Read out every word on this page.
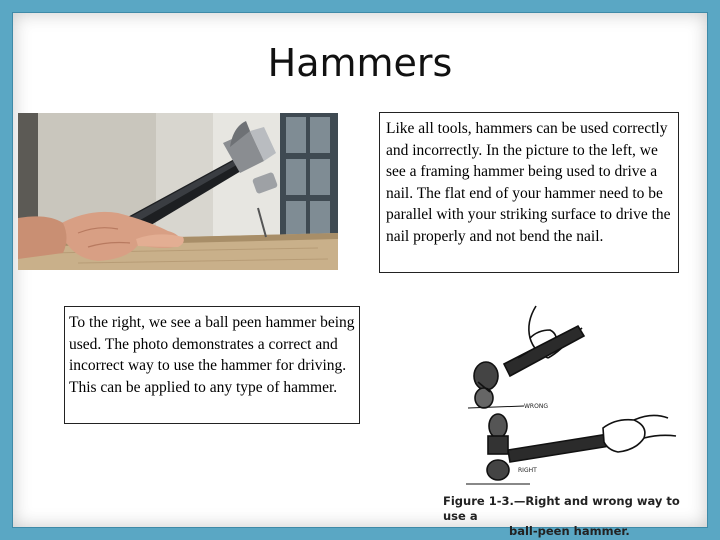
Hammers
Like all tools, hammers can be used correctly and incorrectly. In the picture to the left, we see a framing hammer being used to drive a nail. The flat end of your hammer need to be parallel with your striking surface to drive the nail properly and not bend the nail.
To the right, we see a ball peen hammer being used. The photo demonstrates a correct and incorrect way to use the hammer for driving. This can be applied to any type of hammer.
WRONG
RIGHT
Figure 1-3.—Right and wrong way to use a
ball-peen hammer.
